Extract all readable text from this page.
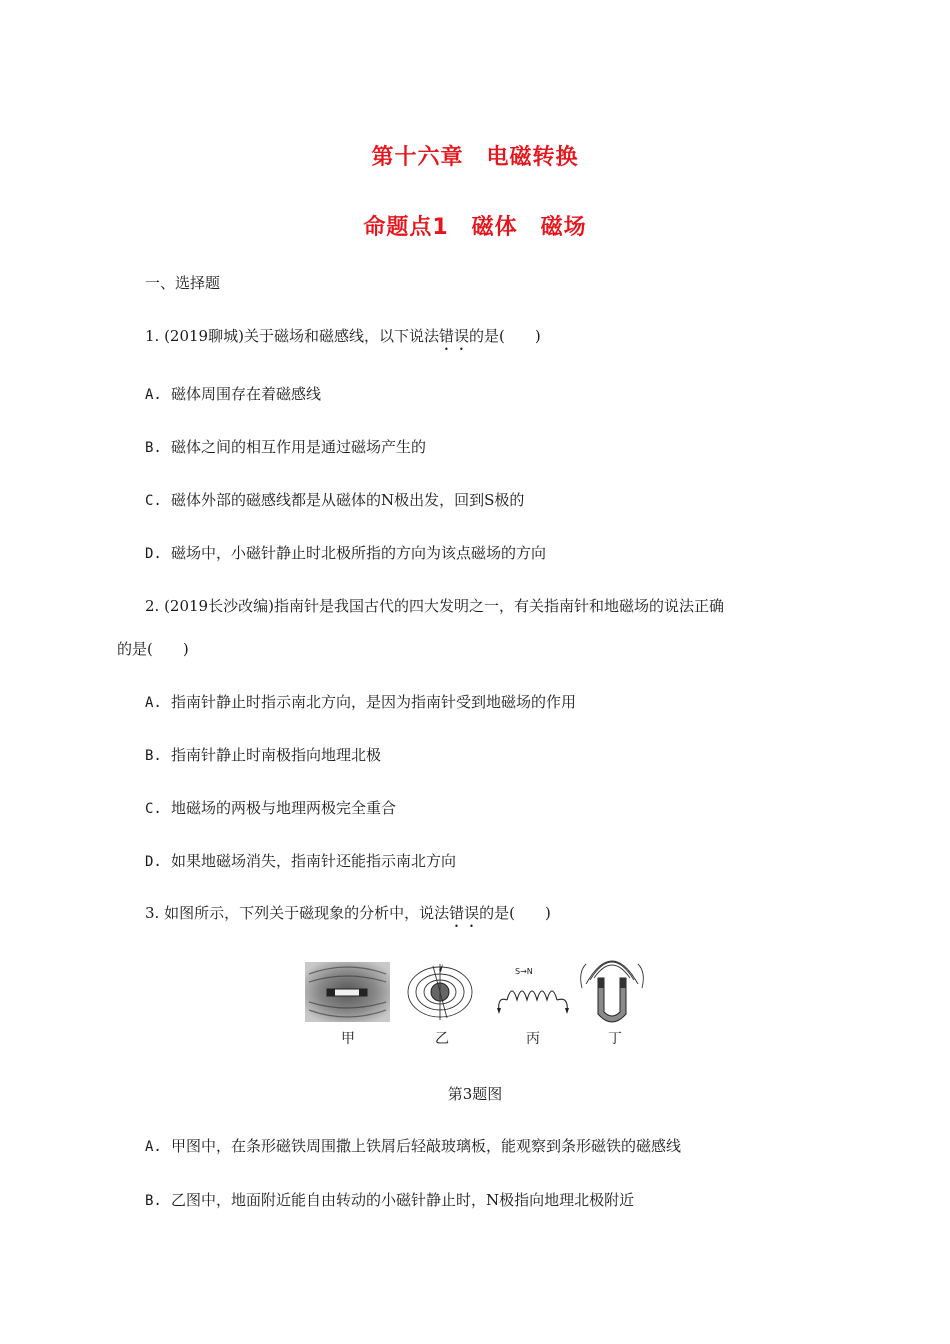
第十六章　电磁转换
命题点1　磁体　磁场
一、选择题
1. (2019聊城)关于磁场和磁感线，以下说法错误的是(　　)
A. 磁体周围存在着磁感线
B. 磁体之间的相互作用是通过磁场产生的
C. 磁体外部的磁感线都是从磁体的N极出发，回到S极的
D. 磁场中，小磁针静止时北极所指的方向为该点磁场的方向
2. (2019长沙改编)指南针是我国古代的四大发明之一，有关指南针和地磁场的说法正确
的是(　　)
A. 指南针静止时指示南北方向，是因为指南针受到地磁场的作用
B. 指南针静止时南极指向地理北极
C. 地磁场的两极与地理两极完全重合
D. 如果地磁场消失，指南针还能指示南北方向
3. 如图所示，下列关于磁现象的分析中，说法错误的是(　　)
S→N
甲	乙	丙	丁
第3题图
A. 甲图中，在条形磁铁周围撒上铁屑后轻敲玻璃板，能观察到条形磁铁的磁感线
B. 乙图中，地面附近能自由转动的小磁针静止时，N极指向地理北极附近
